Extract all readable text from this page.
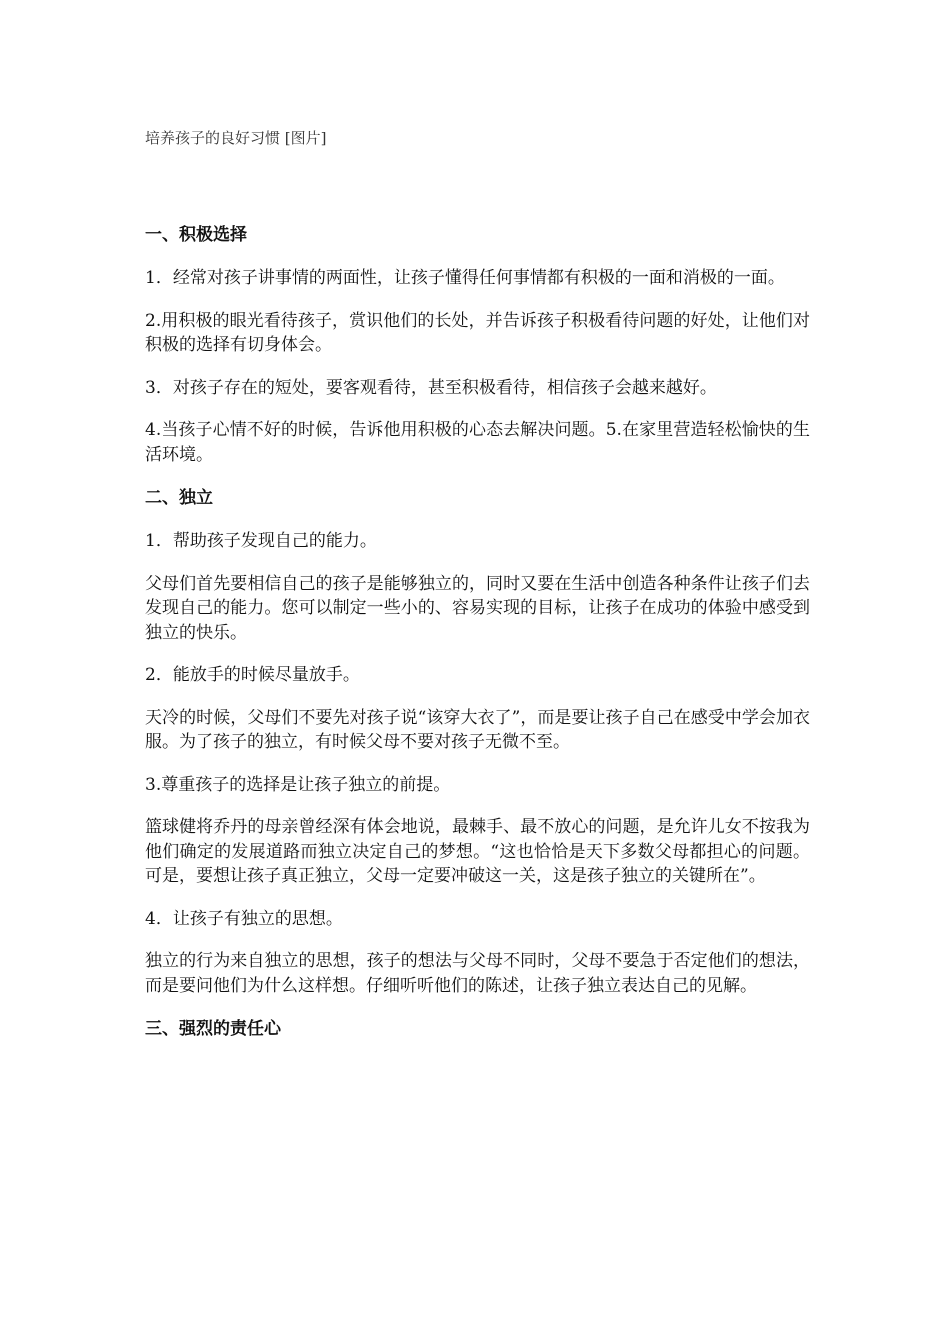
培养孩子的良好习惯 [图片]
一、积极选择

1．经常对孩子讲事情的两面性，让孩子懂得任何事情都有积极的一面和消极的一面。

2.用积极的眼光看待孩子，赏识他们的长处，并告诉孩子积极看待问题的好处，让他们对积极的选择有切身体会。

3．对孩子存在的短处，要客观看待，甚至积极看待，相信孩子会越来越好。

4.当孩子心情不好的时候，告诉他用积极的心态去解决问题。5.在家里营造轻松愉快的生活环境。

二、独立

1．帮助孩子发现自己的能力。

父母们首先要相信自己的孩子是能够独立的，同时又要在生活中创造各种条件让孩子们去发现自己的能力。您可以制定一些小的、容易实现的目标，让孩子在成功的体验中感受到独立的快乐。

2．能放手的时候尽量放手。

天冷的时候，父母们不要先对孩子说“该穿大衣了”，而是要让孩子自己在感受中学会加衣服。为了孩子的独立，有时候父母不要对孩子无微不至。

3.尊重孩子的选择是让孩子独立的前提。

篮球健将乔丹的母亲曾经深有体会地说，最棘手、最不放心的问题，是允许儿女不按我为他们确定的发展道路而独立决定自己的梦想。“这也恰恰是天下多数父母都担心的问题。可是，要想让孩子真正独立，父母一定要冲破这一关，这是孩子独立的关键所在”。

4．让孩子有独立的思想。

独立的行为来自独立的思想，孩子的想法与父母不同时，父母不要急于否定他们的想法，而是要问他们为什么这样想。仔细听听他们的陈述，让孩子独立表达自己的见解。

三、强烈的责任心
